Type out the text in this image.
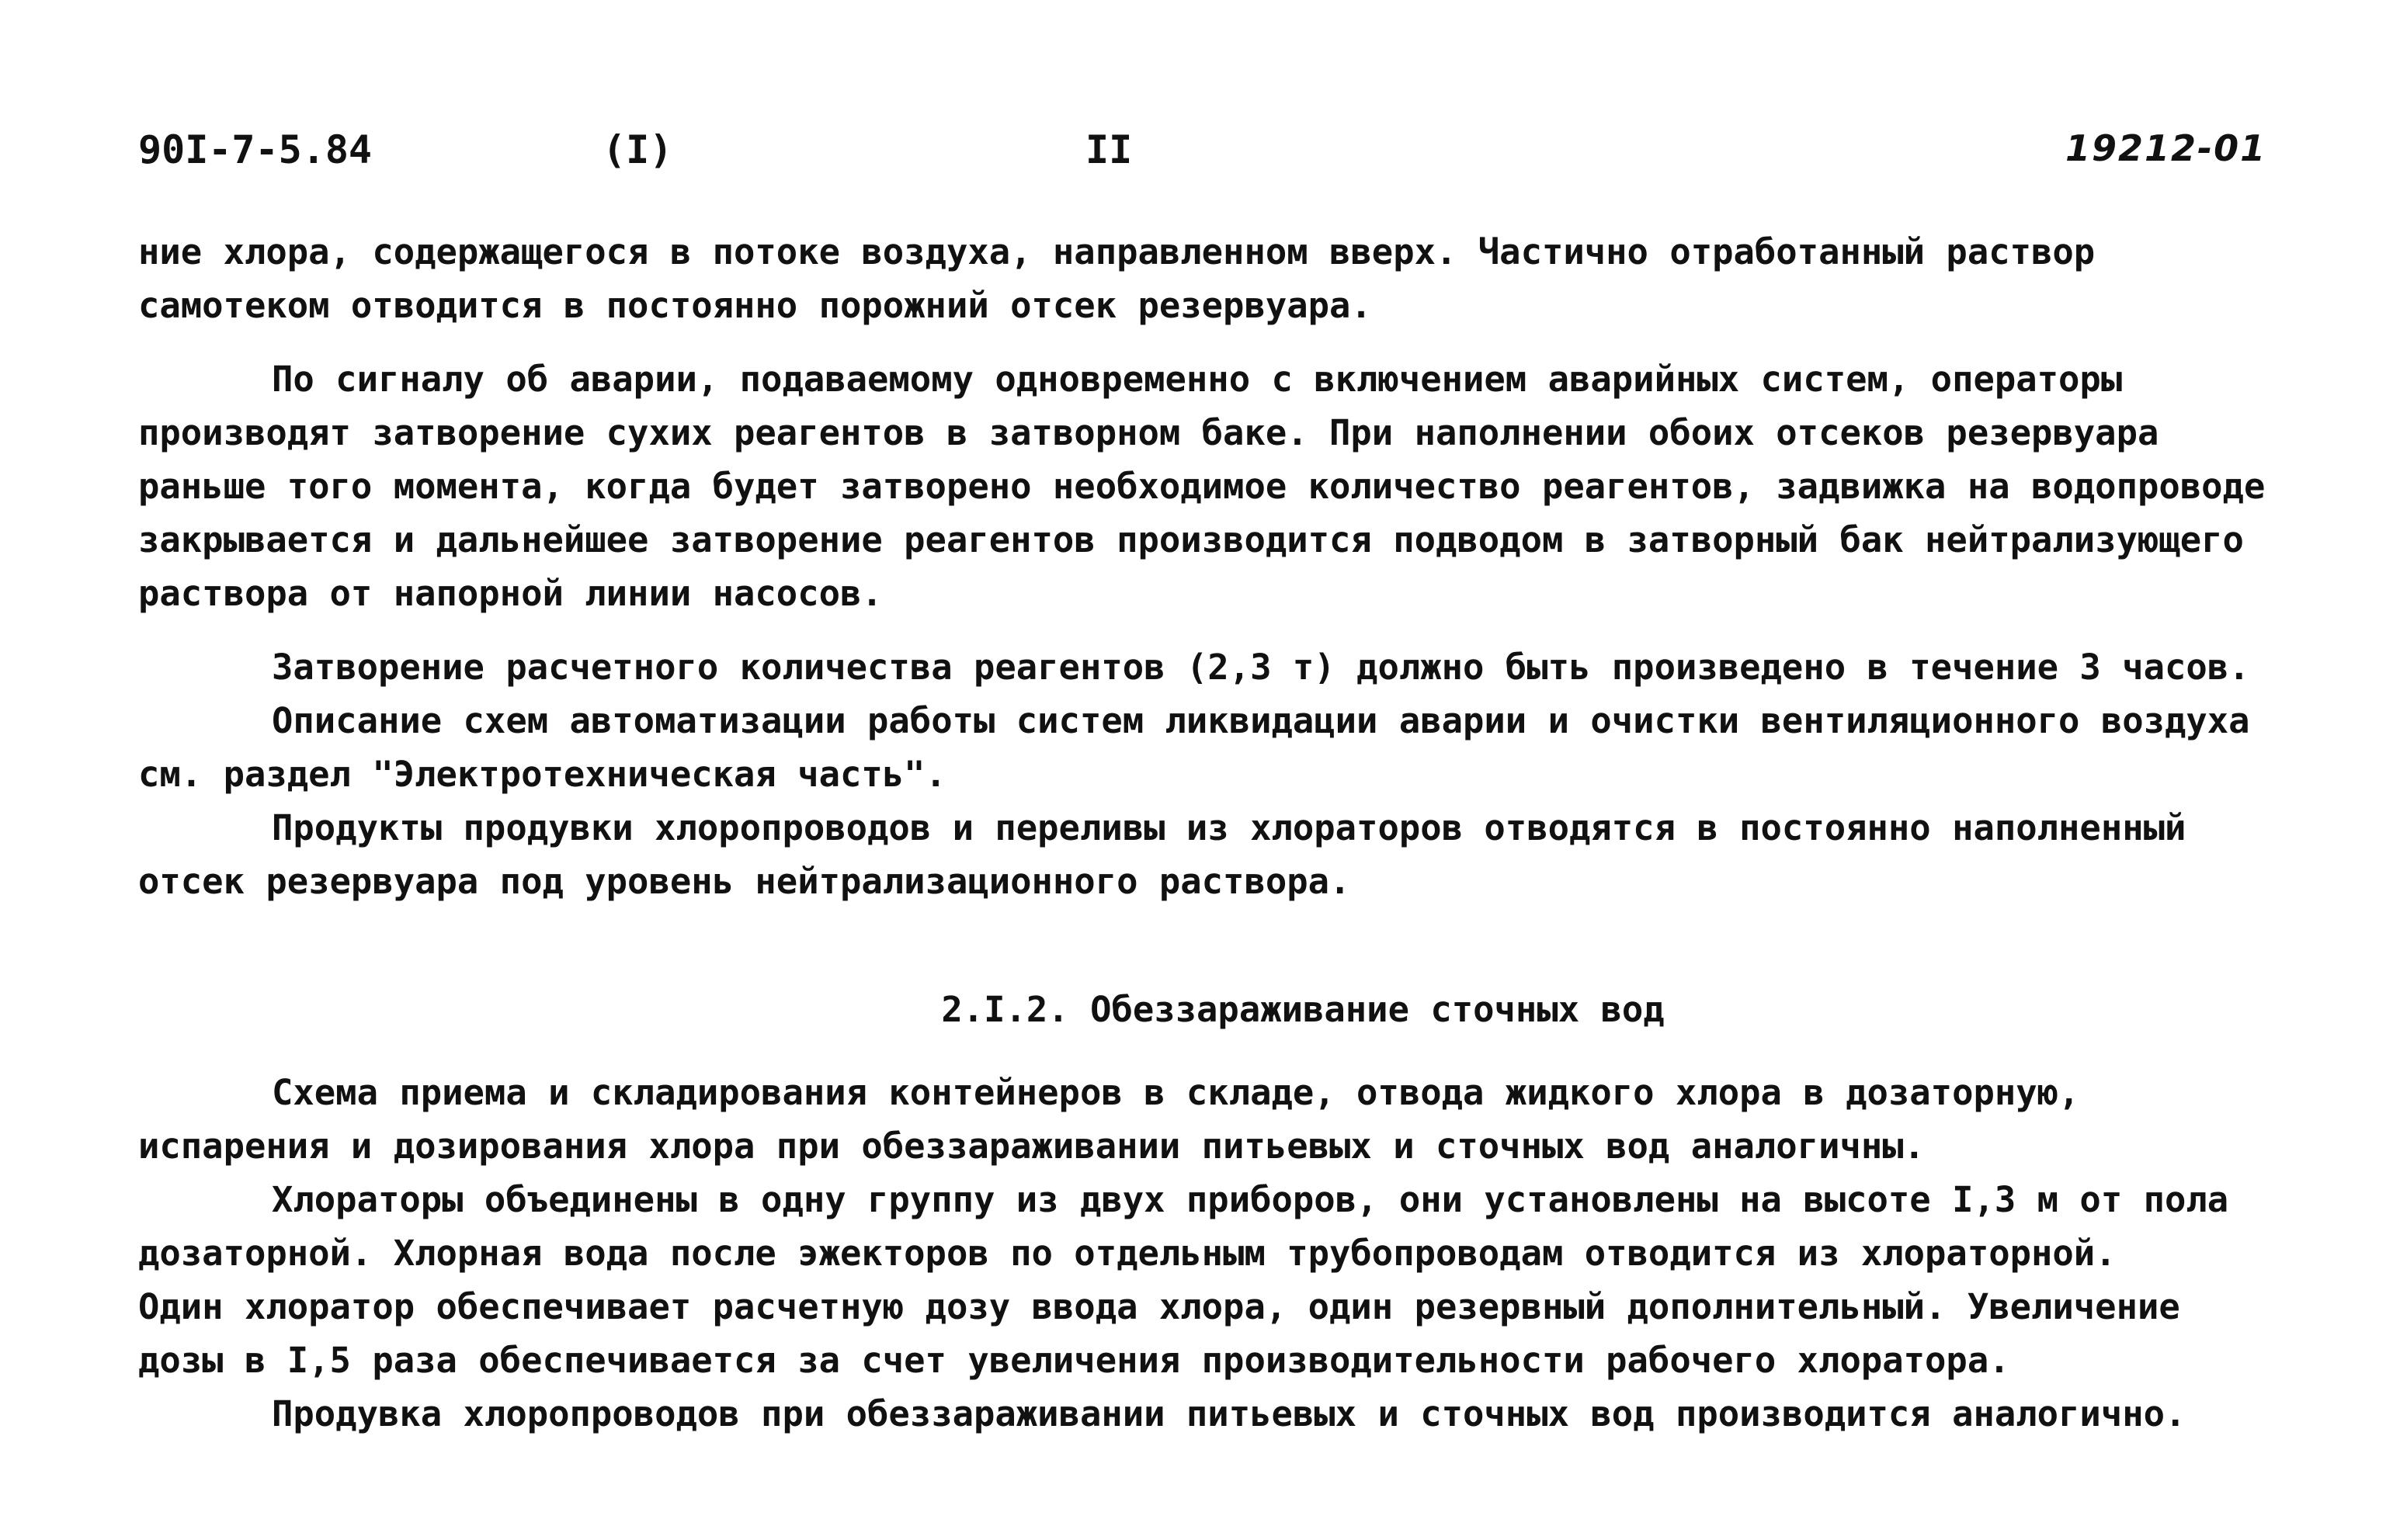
90I-7-5.84	(I)	II	19212-01

ние хлора, содержащегося в потоке воздуха, направленном вверх. Частично отработанный раствор самотеком отводится в постоянно порожний отсек резервуара.

По сигналу об аварии, подаваемому одновременно с включением аварийных систем, операторы производят затворение сухих реагентов в затворном баке. При наполнении обоих отсеков резервуара раньше того момента, когда будет затворено необходимое количество реагентов, задвижка на водопроводе закрывается и дальнейшее затворение реагентов производится подводом в затворный бак нейтрализующего раствора от напорной линии насосов.

Затворение расчетного количества реагентов (2,3 т) должно быть произведено в течение 3 часов.

Описание схем автоматизации работы систем ликвидации аварии и очистки вентиляционного воздуха см. раздел "Электротехническая часть".

Продукты продувки хлоропроводов и переливы из хлораторов отводятся в постоянно наполненный отсек резервуара под уровень нейтрализационного раствора.

2.I.2. Обеззараживание сточных вод

Схема приема и складирования контейнеров в складе, отвода жидкого хлора в дозаторную, испарения и дозирования хлора при обеззараживании питьевых и сточных вод аналогичны.

Хлораторы объединены в одну группу из двух приборов, они установлены на высоте I,3 м от пола дозаторной. Хлорная вода после эжекторов по отдельным трубопроводам отводится из хлораторной.

Один хлоратор обеспечивает расчетную дозу ввода хлора, один резервный дополнительный. Увеличение дозы в I,5 раза обеспечивается за счет увеличения производительности рабочего хлоратора.

Продувка хлоропроводов при обеззараживании питьевых и сточных вод производится аналогично.
